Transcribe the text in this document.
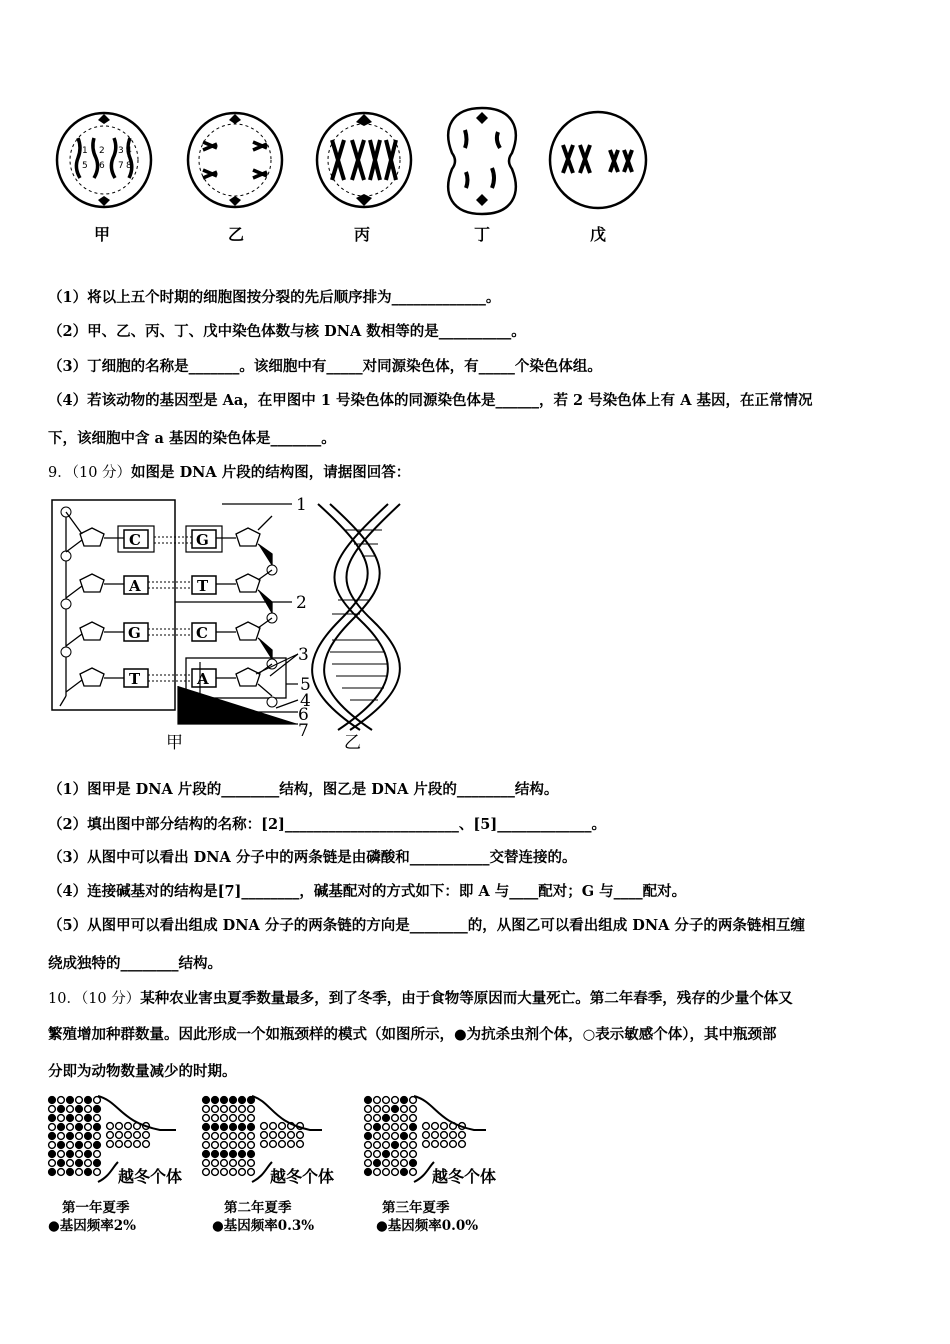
1 2 3 4
5 6 7 8
甲	乙	丙	丁	戊
（1）将以上五个时期的细胞图按分裂的先后顺序排为_____________。
（2）甲、乙、丙、丁、戊中染色体数与核 DNA 数相等的是__________。
（3）丁细胞的名称是_______。该细胞中有_____对同源染色体，有_____个染色体组。
（4）若该动物的基因型是 Aa，在甲图中 1 号染色体的同源染色体是______，若 2 号染色体上有 A 基因，在正常情况
下，该细胞中含 a 基因的染色体是_______。
9．（10 分）如图是 DNA 片段的结构图，请据图回答：
C
A
G
T
G
T
C
A
1
2
3
5
4
6
7
甲	乙
（1）图甲是 DNA 片段的________结构，图乙是 DNA 片段的________结构。
（2）填出图中部分结构的名称：[2]________________________、[5]_____________。
（3）从图中可以看出 DNA 分子中的两条链是由磷酸和___________交替连接的。
（4）连接碱基对的结构是[7]________，碱基配对的方式如下：即 A 与____配对；G 与____配对。
（5）从图甲可以看出组成 DNA 分子的两条链的方向是________的，从图乙可以看出组成 DNA 分子的两条链相互缠
绕成独特的________结构。
10．（10 分）某种农业害虫夏季数量最多，到了冬季，由于食物等原因而大量死亡。第二年春季，残存的少量个体又
繁殖增加种群数量。因此形成一个如瓶颈样的模式（如图所示，●为抗杀虫剂个体，○表示敏感个体），其中瓶颈部
分即为动物数量减少的时期。
越冬个体	越冬个体	越冬个体
第一年夏季
●基因频率2%
第二年夏季
●基因频率0.3%
第三年夏季
●基因频率0.0%
